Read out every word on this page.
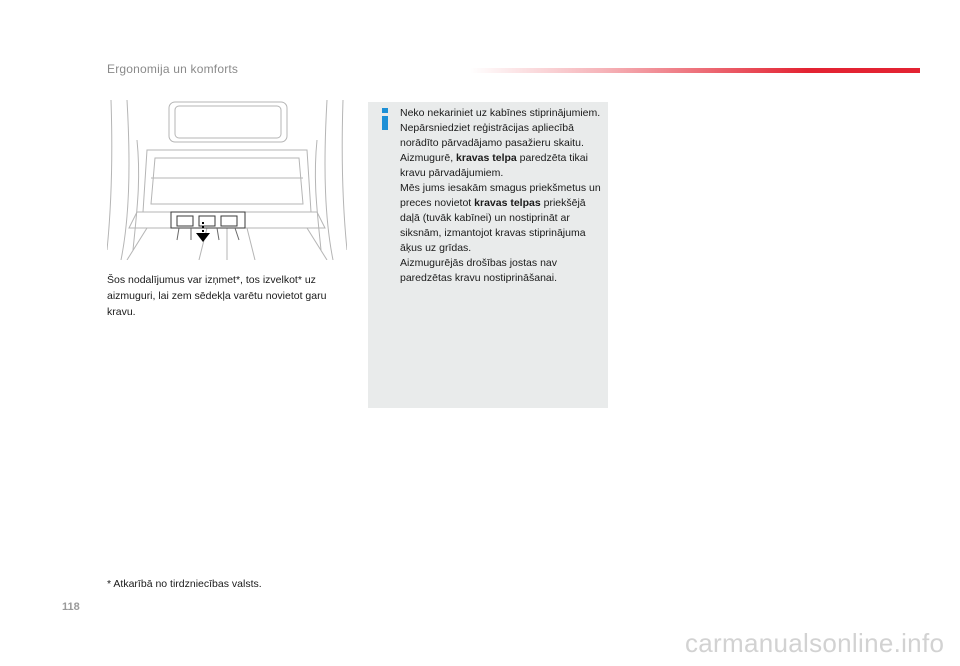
Ergonomija un komforts
Šos nodalījumus var izņmet*, tos izvelkot* uz aizmuguri, lai zem sēdekļa varētu novietot garu kravu.

Neko nekariniet uz kabīnes stiprinājumiem.

Nepārsniedziet reģistrācijas apliecībā norādīto pārvadājamo pasažieru skaitu.

Aizmugurē, kravas telpa paredzēta tikai kravu pārvadājumiem.

Mēs jums iesakām smagus priekšmetus un preces novietot kravas telpas priekšējā daļā (tuvāk kabīnei) un nostiprināt ar siksnām, izmantojot kravas stiprinājuma āķus uz grīdas.

Aizmugurējās drošības jostas nav paredzētas kravu nostiprināšanai.

* Atkarībā no tirdzniecības valsts.
118
carmanualsonline.info
